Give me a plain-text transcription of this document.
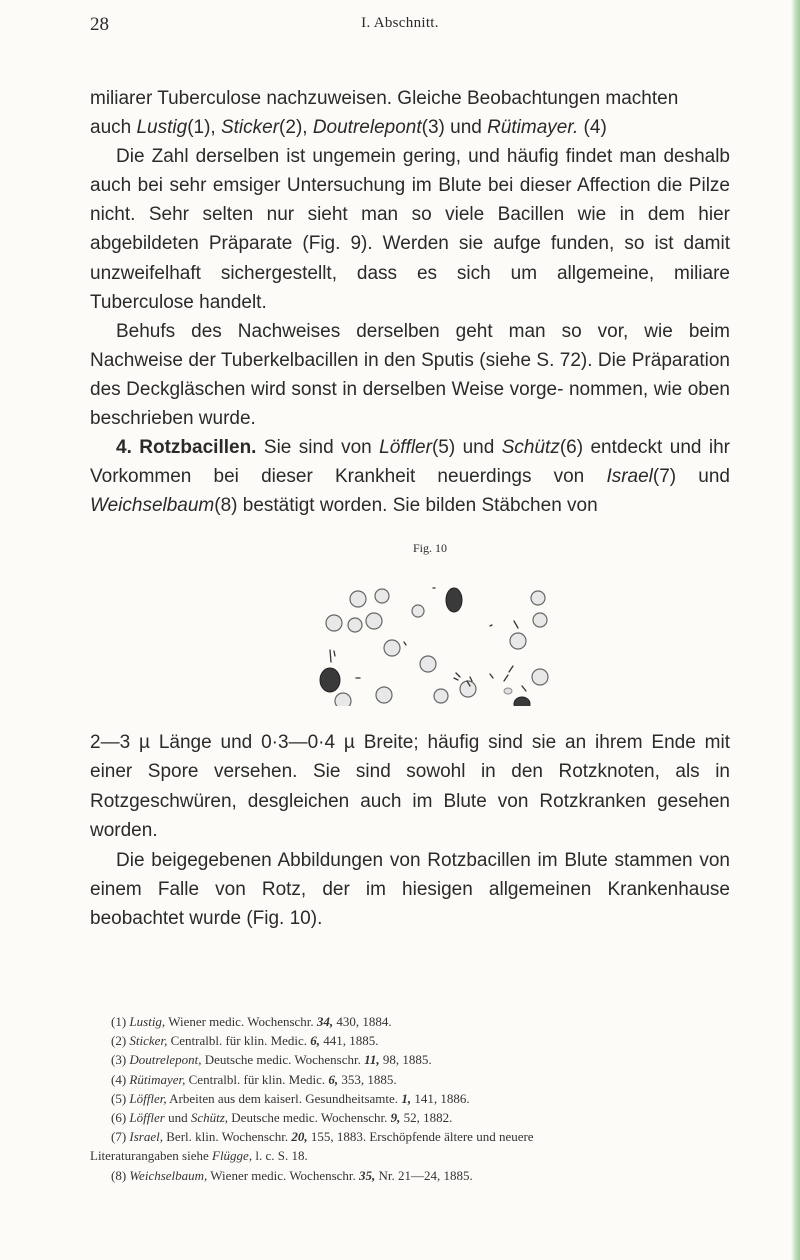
28	I. Abschnitt.

miliarer Tuberculose nachzuweisen. Gleiche Beobachtungen machten
auch Lustig(1), Sticker(2), Doutrelepont(3) und Rütimayer. (4)

Die Zahl derselben ist ungemein gering, und häufig findet man deshalb auch bei sehr emsiger Untersuchung im Blute bei dieser Affection die Pilze nicht. Sehr selten nur sieht man so viele Bacillen wie in dem hier abgebildeten Präparate (Fig. 9). Werden sie aufge funden, so ist damit unzweifelhaft sichergestellt, dass es sich um allgemeine, miliare Tuberculose handelt.

Behufs des Nachweises derselben geht man so vor, wie beim Nachweise der Tuberkelbacillen in den Sputis (siehe S. 72). Die Präparation des Deckgläschen wird sonst in derselben Weise vorge- nommen, wie oben beschrieben wurde.

4. Rotzbacillen. Sie sind von Löffler(5) und Schütz(6) entdeckt und ihr Vorkommen bei dieser Krankheit neuerdings von Israel(7) und Weichselbaum(8) bestätigt worden. Sie bilden Stäbchen von

Fig. 10

2—3 µ Länge und 0·3—0·4 µ Breite; häufig sind sie an ihrem Ende mit einer Spore versehen. Sie sind sowohl in den Rotzknoten, als in Rotzgeschwüren, desgleichen auch im Blute von Rotzkranken gesehen worden.

Die beigegebenen Abbildungen von Rotzbacillen im Blute stammen von einem Falle von Rotz, der im hiesigen allgemeinen Krankenhause beobachtet wurde (Fig. 10).

(1) Lustig, Wiener medic. Wochenschr. 34, 430, 1884.
(2) Sticker, Centralbl. für klin. Medic. 6, 441, 1885.
(3) Doutrelepont, Deutsche medic. Wochenschr. 11, 98, 1885.
(4) Rütimayer, Centralbl. für klin. Medic. 6, 353, 1885.
(5) Löffler, Arbeiten aus dem kaiserl. Gesundheitsamte. 1, 141, 1886.
(6) Löffler und Schütz, Deutsche medic. Wochenschr. 9, 52, 1882.
(7) Israel, Berl. klin. Wochenschr. 20, 155, 1883. Erschöpfende ältere und neuere
Literaturangaben siehe Flügge, l. c. S. 18.
(8) Weichselbaum, Wiener medic. Wochenschr. 35, Nr. 21—24, 1885.
